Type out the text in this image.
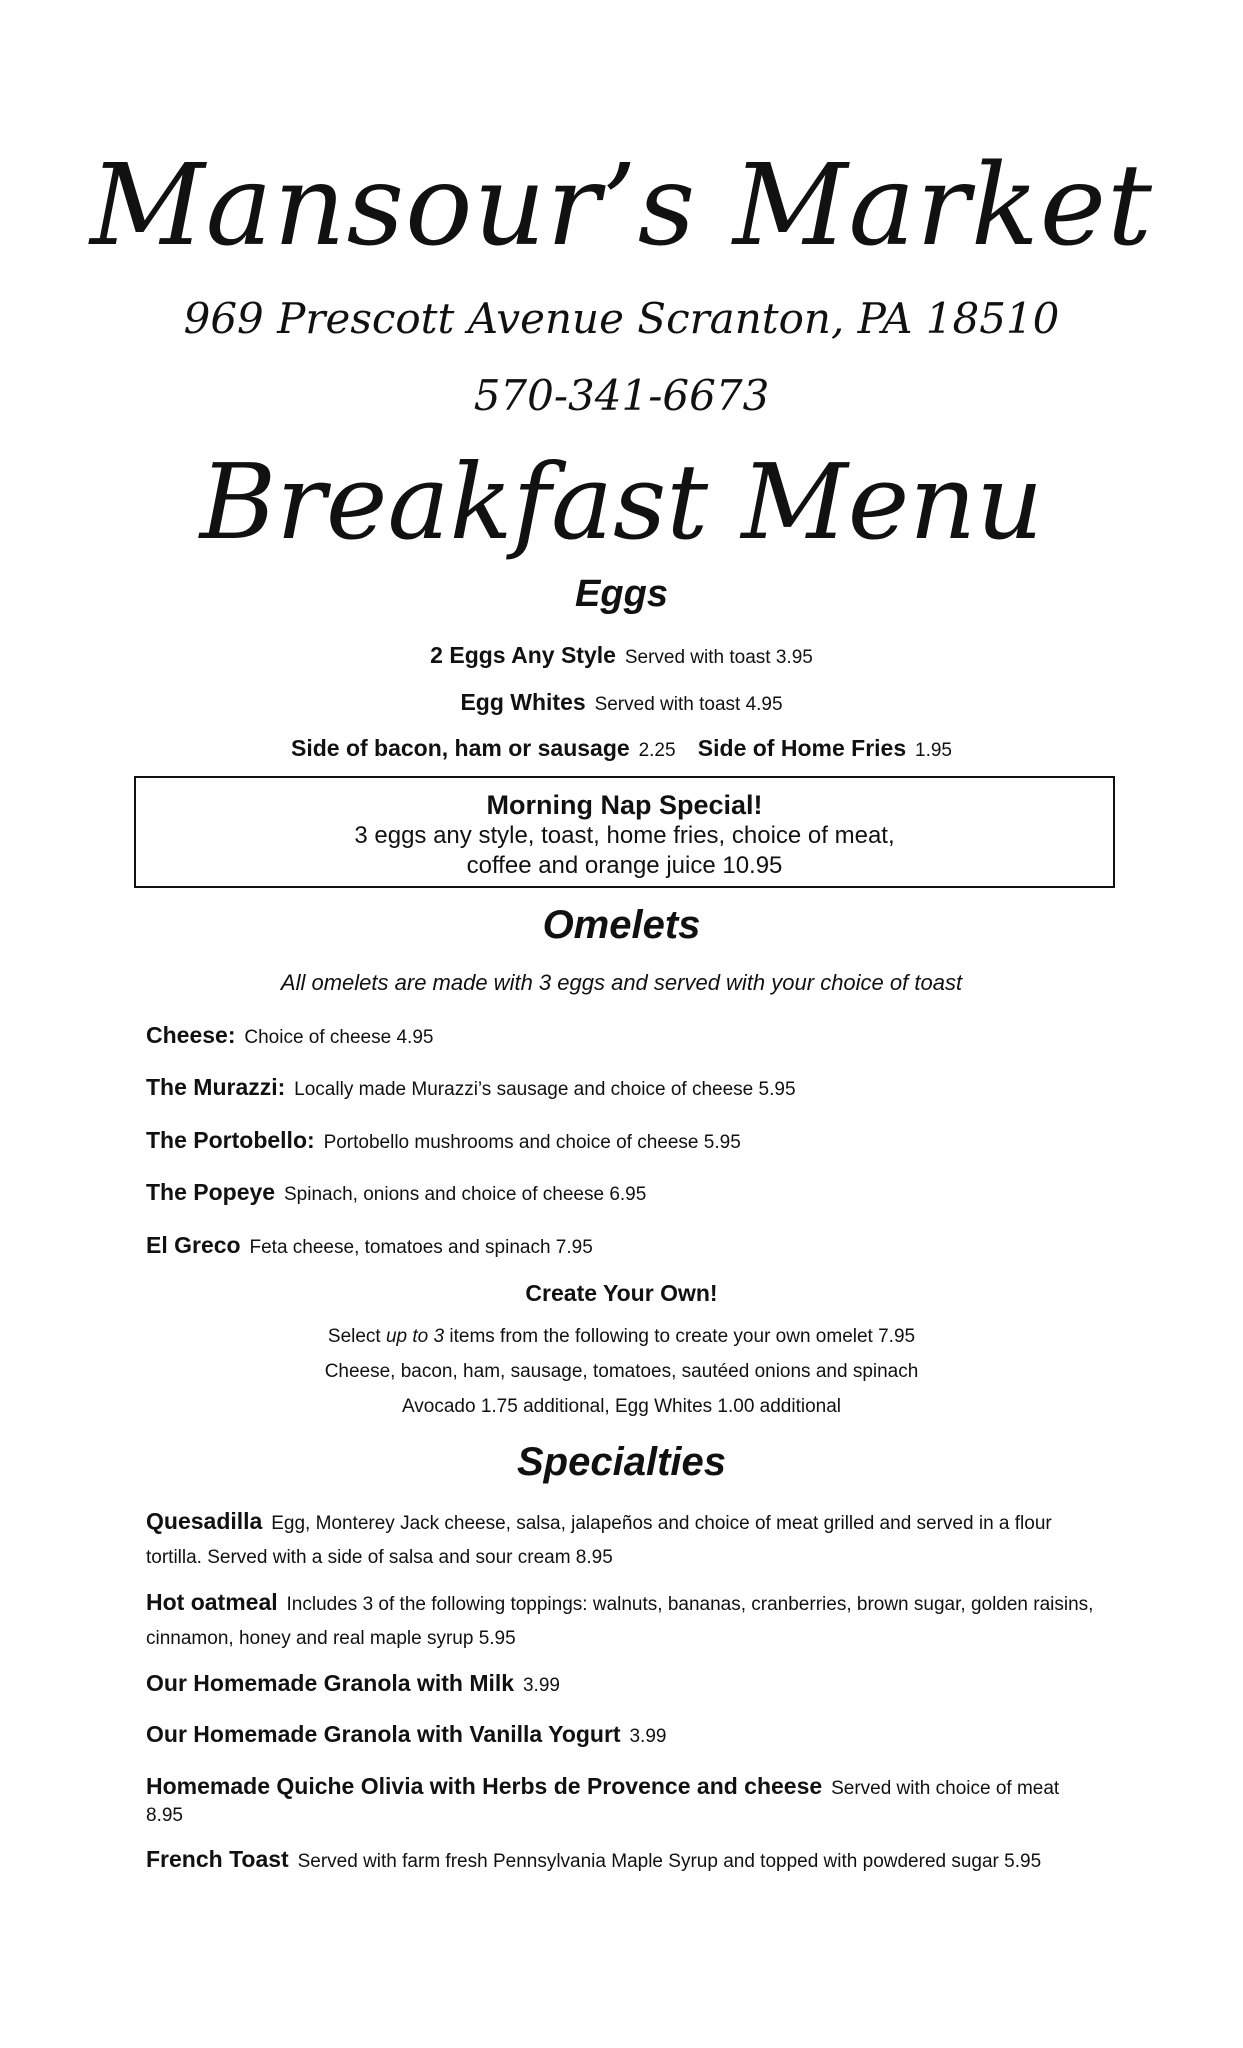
Mansour’s Market
969 Prescott Avenue Scranton, PA 18510
570-341-6673
Breakfast Menu
Eggs
2 Eggs Any Style Served with toast 3.95
Egg Whites Served with toast 4.95
Side of bacon, ham or sausage 2.25 Side of Home Fries 1.95
Morning Nap Special!
3 eggs any style, toast, home fries, choice of meat,
coffee and orange juice 10.95
Omelets
All omelets are made with 3 eggs and served with your choice of toast
Cheese: Choice of cheese 4.95
The Murazzi: Locally made Murazzi’s sausage and choice of cheese 5.95
The Portobello: Portobello mushrooms and choice of cheese 5.95
The Popeye Spinach, onions and choice of cheese 6.95
El Greco Feta cheese, tomatoes and spinach 7.95
Create Your Own!
Select up to 3 items from the following to create your own omelet 7.95
Cheese, bacon, ham, sausage, tomatoes, sautéed onions and spinach
Avocado 1.75 additional, Egg Whites 1.00 additional
Specialties
Quesadilla Egg, Monterey Jack cheese, salsa, jalapeños and choice of meat grilled and served in a flour tortilla. Served with a side of salsa and sour cream 8.95
Hot oatmeal Includes 3 of the following toppings: walnuts, bananas, cranberries, brown sugar, golden raisins, cinnamon, honey and real maple syrup 5.95
Our Homemade Granola with Milk 3.99
Our Homemade Granola with Vanilla Yogurt 3.99
Homemade Quiche Olivia with Herbs de Provence and cheese Served with choice of meat 8.95
French Toast Served with farm fresh Pennsylvania Maple Syrup and topped with powdered sugar 5.95
